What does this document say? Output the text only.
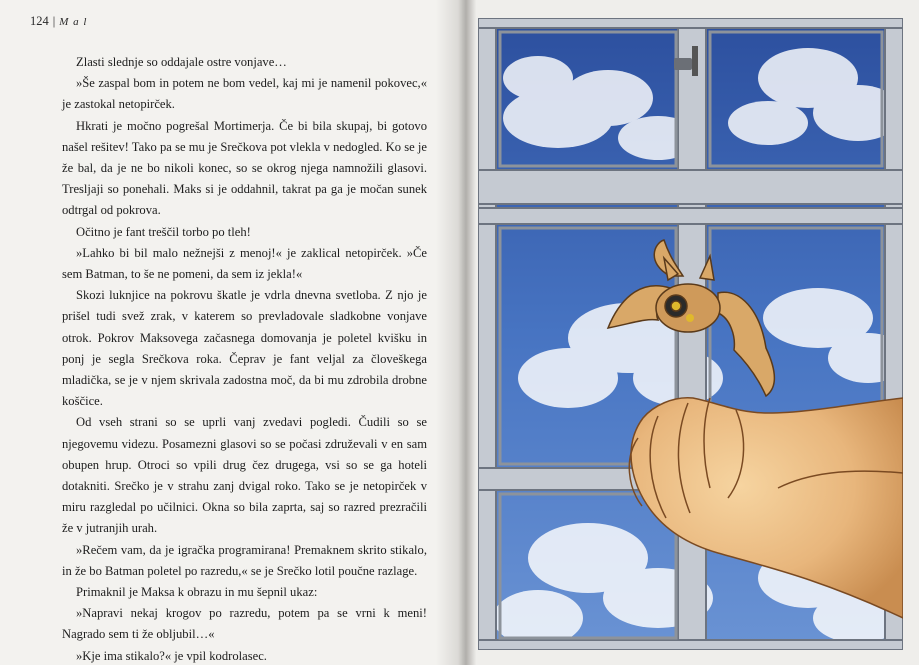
124 | M a l

Zlasti slednje so oddajale ostre vonjave…

»Še zaspal bom in potem ne bom vedel, kaj mi je namenil pokovec,« je zastokal netopirček.

Hkrati je močno pogrešal Mortimerja. Če bi bila skupaj, bi gotovo našel rešitev! Tako pa se mu je Srečkova pot vlekla v nedogled. Ko se je že bal, da je ne bo nikoli konec, so se okrog njega namnožili glasovi. Tresljaji so ponehali. Maks si je oddahnil, takrat pa ga je močan sunek odtrgal od pokrova.

Očitno je fant treščil torbo po tleh!

»Lahko bi bil malo nežnejši z menoj!« je zaklical netopirček. »Če sem Batman, to še ne pomeni, da sem iz jekla!«

Skozi luknjice na pokrovu škatle je vdrla dnevna svetloba. Z njo je prišel tudi svež zrak, v katerem so prevladovale sladkobne vonjave otrok. Pokrov Maksovega začasnega domovanja je poletel kvišku in ponj je segla Srečkova roka. Čeprav je fant veljal za človeškega mladička, se je v njem skrivala zadostna moč, da bi mu zdrobila drobne koščice.

Od vseh strani so se uprli vanj zvedavi pogledi. Čudili so se njegovemu videzu. Posamezni glasovi so se počasi združevali v en sam obupen hrup. Otroci so vpili drug čez drugega, vsi so se ga hoteli dotakniti. Srečko je v strahu zanj dvigal roko. Tako se je netopirček v miru razgledal po učilnici. Okna so bila zaprta, saj so razred prezračili že v jutranjih urah.

»Rečem vam, da je igračka programirana! Premaknem skrito stikalo, in že bo Batman poletel po razredu,« se je Srečko lotil poučne razlage.

Primaknil je Maksa k obrazu in mu šepnil ukaz:

»Napravi nekaj krogov po razredu, potem pa se vrni k meni! Nagrado sem ti že obljubil…«

»Kje ima stikalo?« je vpil kodrolasec.
